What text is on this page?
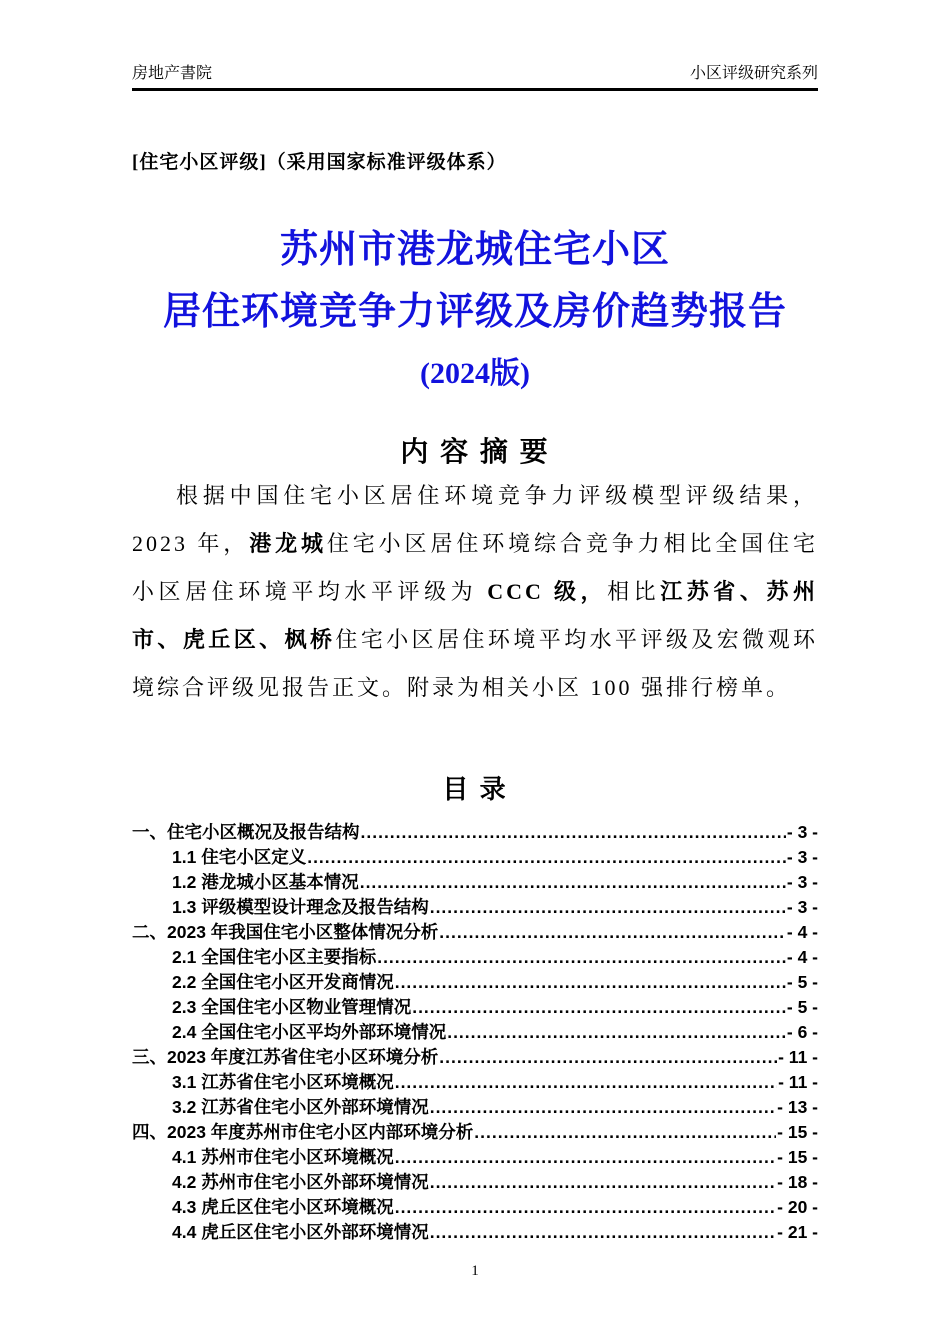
房地产書院	小区评级研究系列
[住宅小区评级]（采用国家标准评级体系）
苏州市港龙城住宅小区
居住环境竞争力评级及房价趋势报告
(2024版)
内 容 摘 要
根据中国住宅小区居住环境竞争力评级模型评级结果，2023 年，港龙城住宅小区居住环境综合竞争力相比全国住宅小区居住环境平均水平评级为 CCC 级，相比江苏省、苏州市、虎丘区、枫桥住宅小区居住环境平均水平评级及宏微观环境综合评级见报告正文。附录为相关小区 100 强排行榜单。
目 录
一、住宅小区概况及报告结构 .....	- 3 -
1.1 住宅小区定义 .....	- 3 -
1.2 港龙城小区基本情况 .....	- 3 -
1.3 评级模型设计理念及报告结构 .....	- 3 -
二、2023 年我国住宅小区整体情况分析 .....	- 4 -
2.1 全国住宅小区主要指标 .....	- 4 -
2.2 全国住宅小区开发商情况 .....	- 5 -
2.3 全国住宅小区物业管理情况 .....	- 5 -
2.4 全国住宅小区平均外部环境情况 .....	- 6 -
三、2023 年度江苏省住宅小区环境分析 .....	- 11 -
3.1 江苏省住宅小区环境概况 .....	- 11 -
3.2 江苏省住宅小区外部环境情况 .....	- 13 -
四、2023 年度苏州市住宅小区内部环境分析 .....	- 15 -
4.1 苏州市住宅小区环境概况 .....	- 15 -
4.2 苏州市住宅小区外部环境情况 .....	- 18 -
4.3 虎丘区住宅小区环境概况 .....	- 20 -
4.4 虎丘区住宅小区外部环境情况 .....	- 21 -
1
